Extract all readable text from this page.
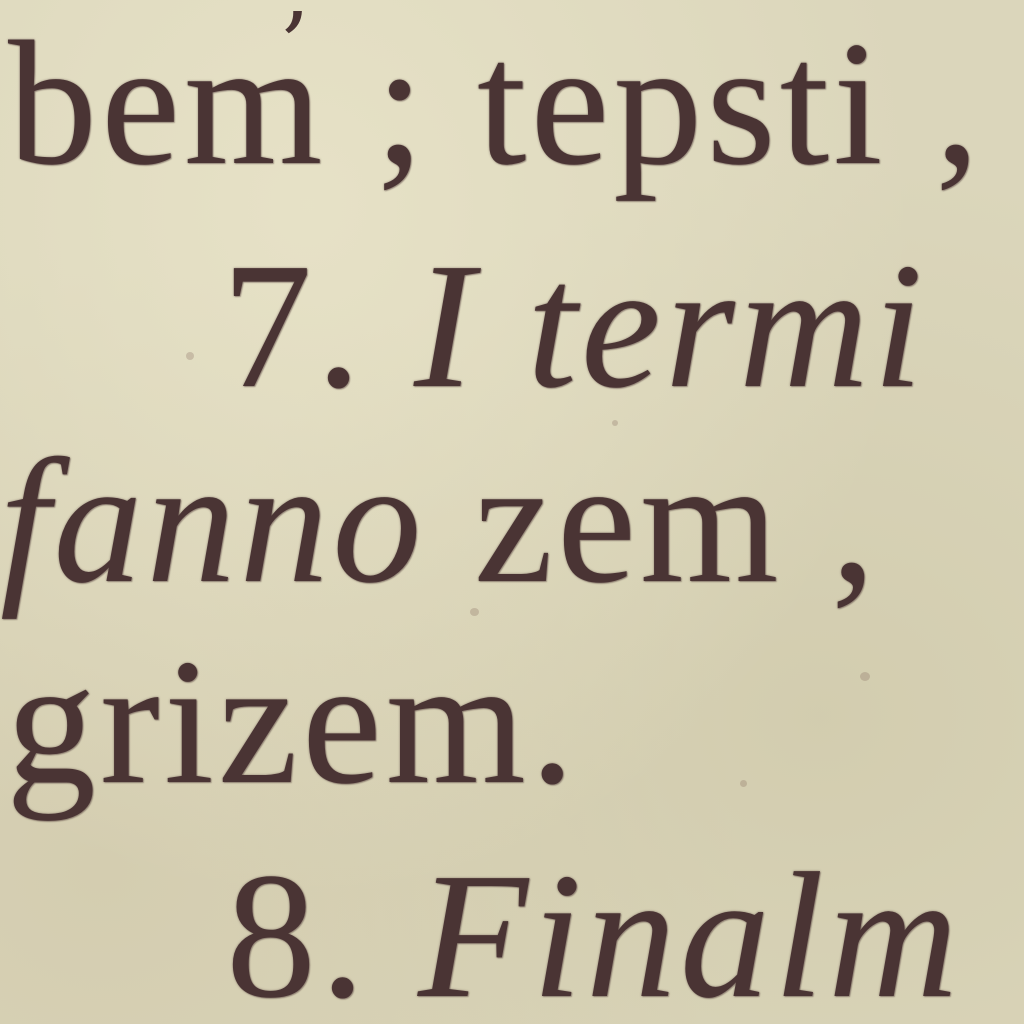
bem ; tepsti ,
7. I termi
fanno zem ,
grizem.
8. Finalm
